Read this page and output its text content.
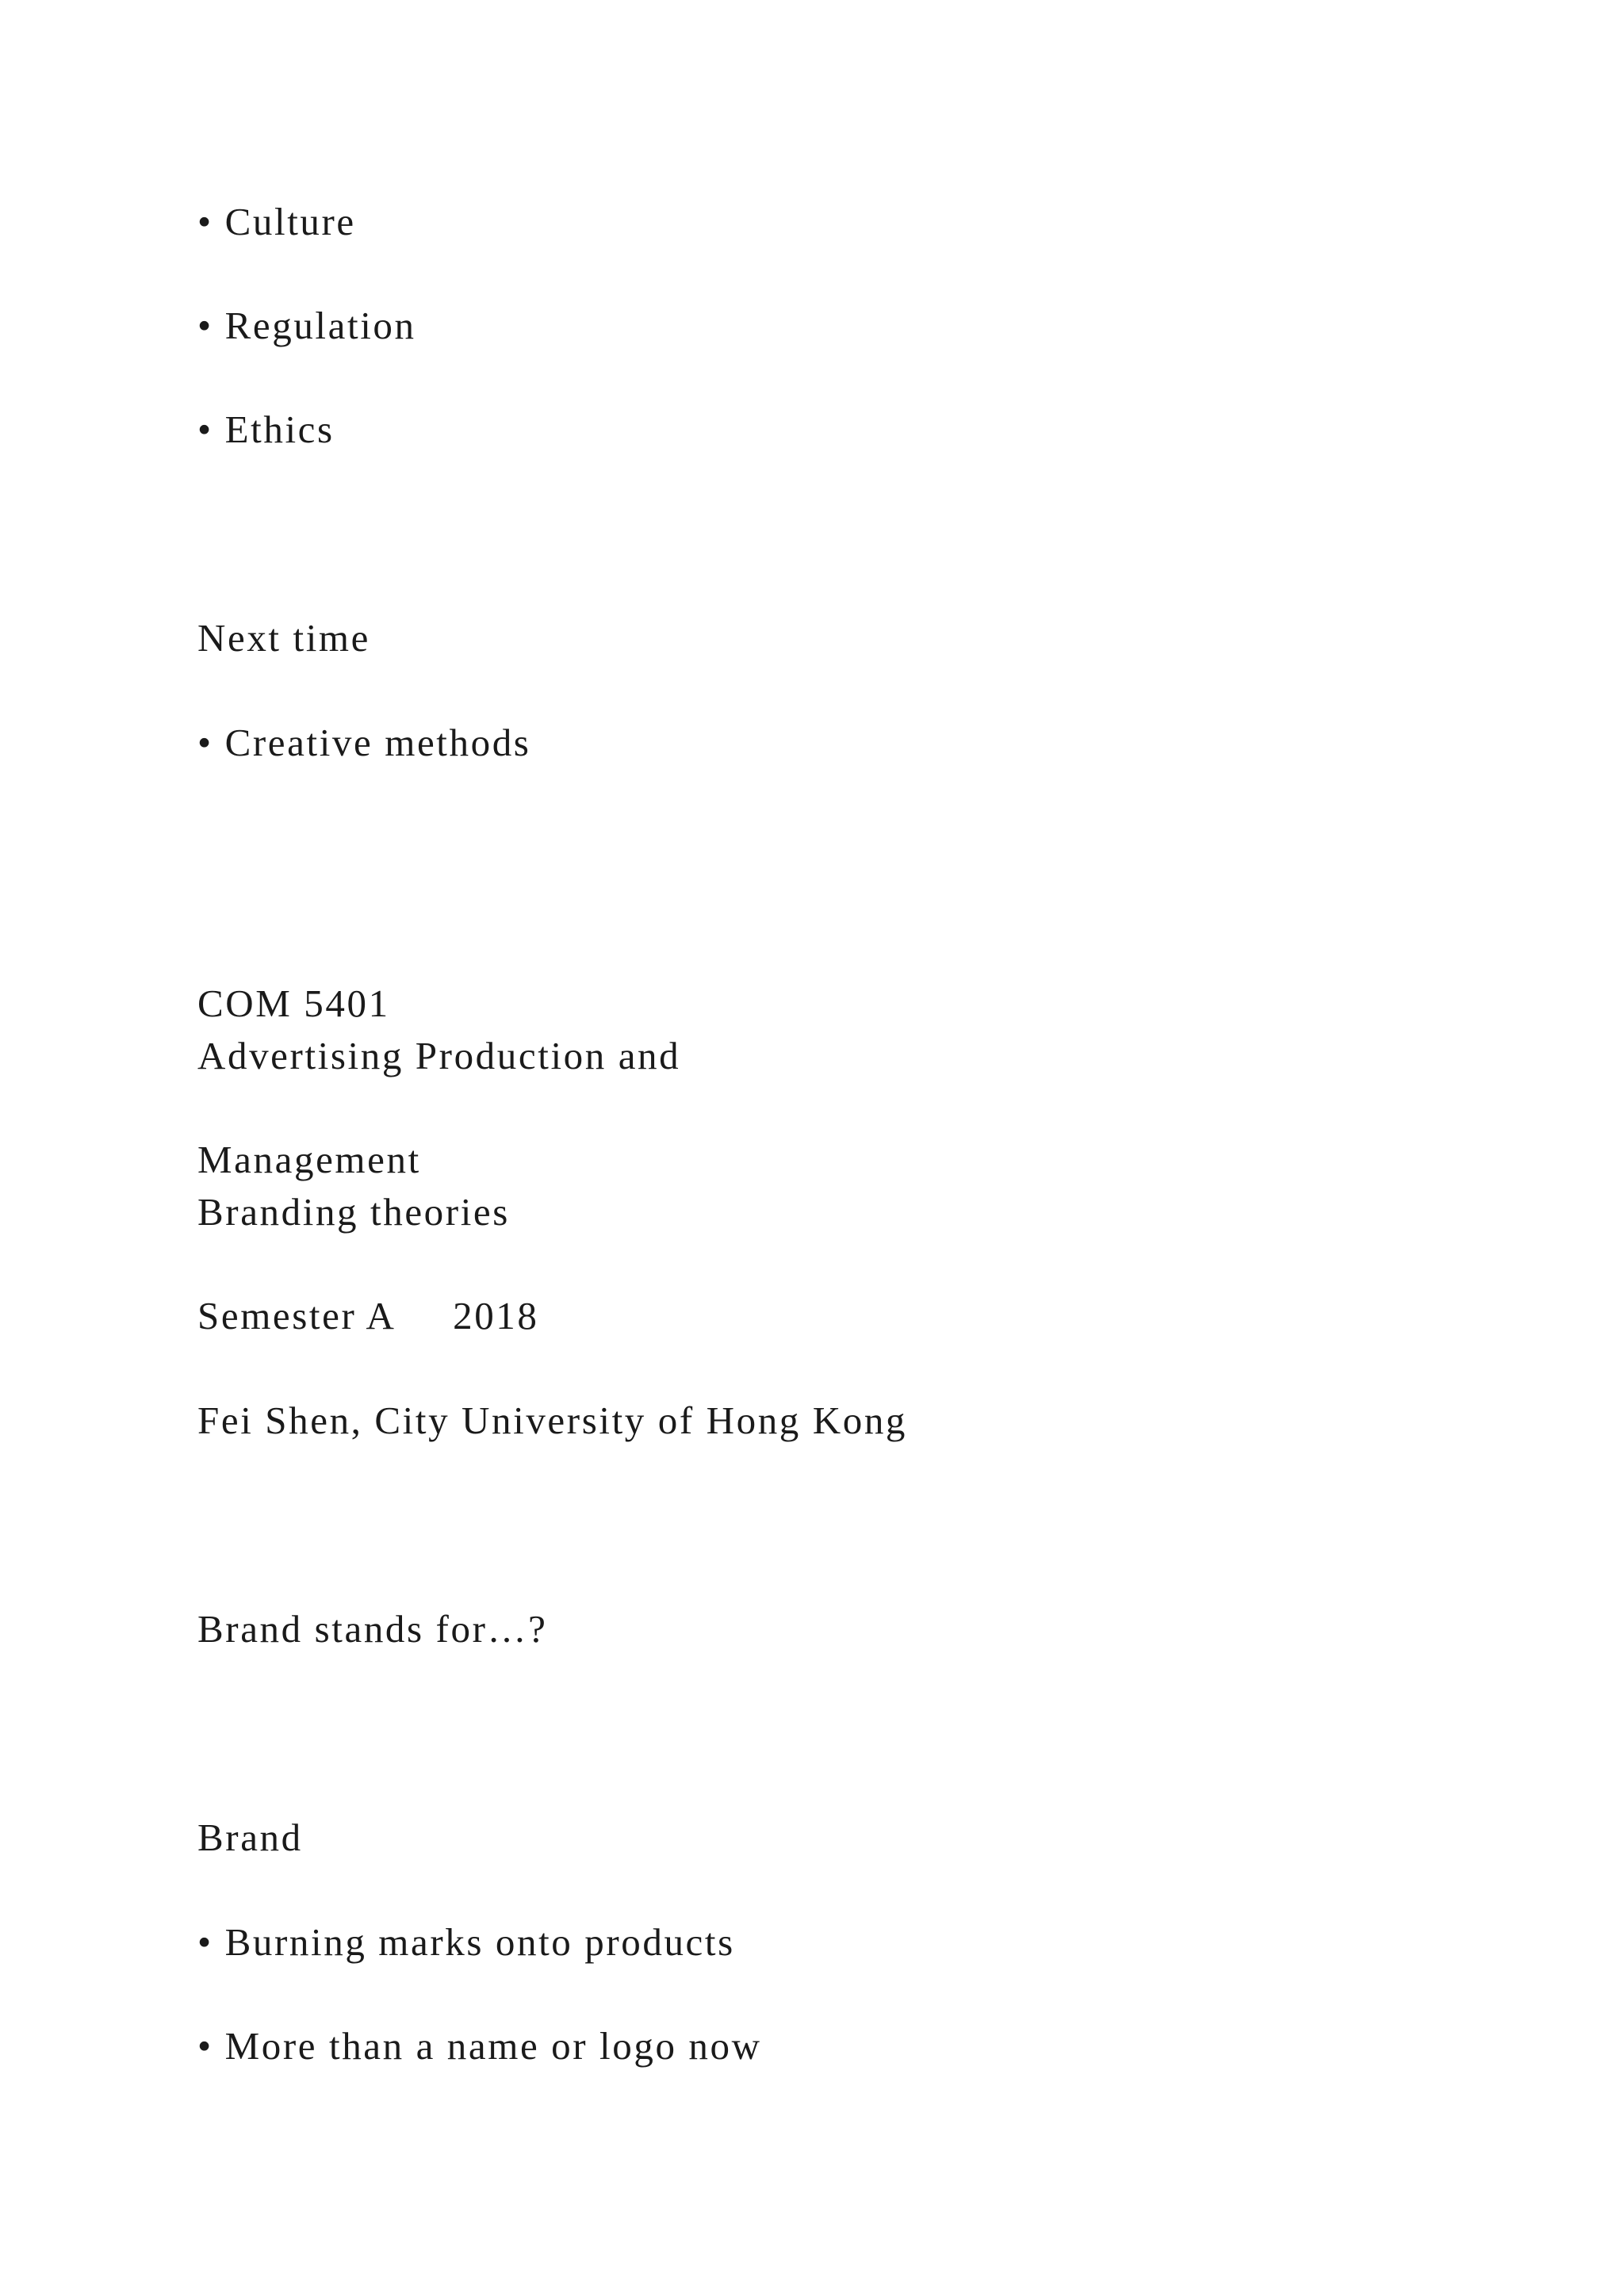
• Culture

• Regulation

• Ethics

Next time

• Creative methods

COM 5401

Advertising Production and

Management

Branding theories

Semester A     2018

Fei Shen, City University of Hong Kong

Brand stands for…?

Brand

• Burning marks onto products

• More than a name or logo now
